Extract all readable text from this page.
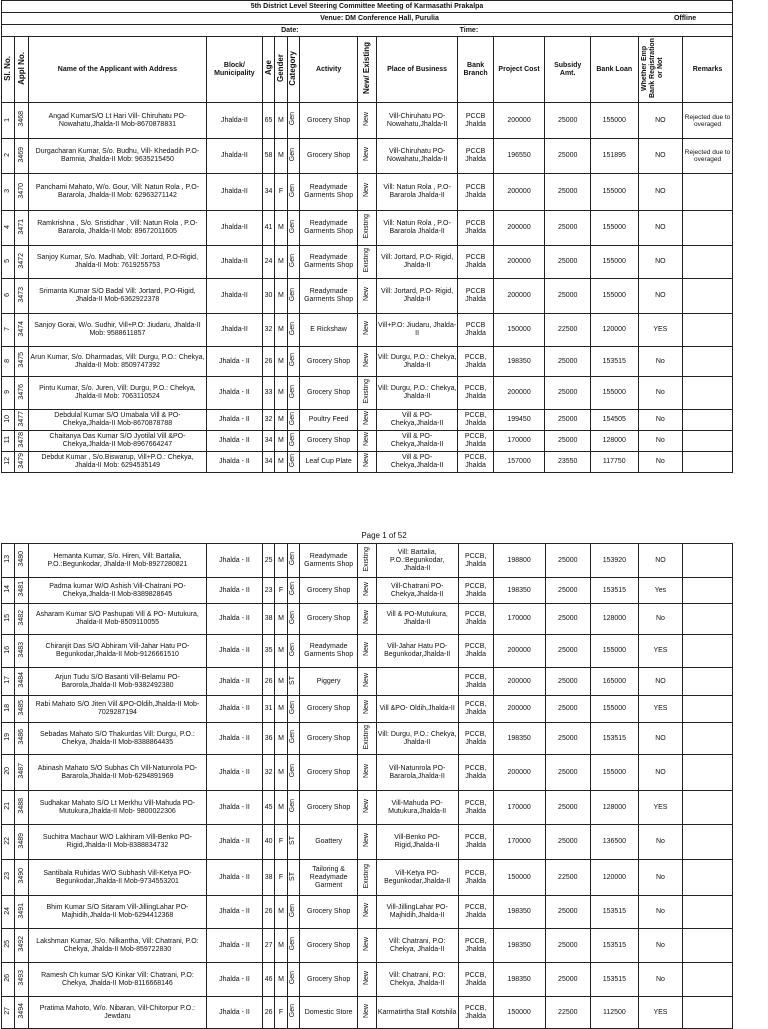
5th District Level Steering Committee Meeting of Karmasathi Prakalpa															
Venue: DM Conference Hall, Purulia														Offline	
Date:							Time:								
Sl. No.	Appl No.	Name of the Applicant with Address	Block/ Municipality	Age	Gender	Category	Activity	New/ Existing	Place of Business	Bank Branch	Project Cost	Subsidy Amt.	Bank Loan	Whether Emp Bank Registration or Not	Remarks
1	3468	Angad KumarS/O Lt Hari Vill- Chiruhatu PO- Nowahatu,Jhalda-II Mob-8670878831	Jhalda-II	65	M	Gen	Grocery Shop	New	Vill-Chiruhatu PO- Nowahatu,Jhalda-II	PCCB Jhalda	200000	25000	155000	NO	Rejected due to overaged
2	3469	Durgacharan Kumar, S/o. Budhu, Vill- Khedadih P.O- Bamnia, Jhalda-II Mob: 9635215450	Jhalda-II	58	M	Gen	Grocery Shop	New	Vill-Chiruhatu PO- Nowahatu,Jhalda-II	PCCB Jhalda	196550	25000	151895	NO	Rejected due to overaged
3	3470	Panchami Mahato, W/o. Gour, Vill: Natun Rola , P.O-Bararola, Jhalda-II Mob: 62963271142	Jhalda-II	34	F	Gen	Readymade Garments Shop	New	Vill: Natun Rola , P.O- Bararola Jhalda-II	PCCB Jhalda	200000	25000	155000	NO	
4	3471	Ramkrishna , S/o. Sristidhar , Vill: Natun Rola , P.O-Bararola, Jhalda-II Mob: 89672011605	Jhalda-II	41	M	Gen	Readymade Garments Shop	Existing	Vill: Natun Rola , P.O- Bararola Jhalda-II	PCCB Jhalda	200000	25000	155000	NO	
5	3472	Sanjoy Kumar, S/o. Madhab, Vill: Jortard, P.O-Rigid, Jhalda-II Mob: 7619255753	Jhalda-II	24	M	Gen	Readymade Garments Shop	Existing	Vill: Jortard, P.O- Rigid, Jhalda-II	PCCB Jhalda	200000	25000	155000	NO	
6	3473	Srimanta Kumar S/O Badal Vill: Jortard, P.O-Rigid, Jhalda-II Mob-6362922378	Jhalda-II	30	M	Gen	Readymade Garments Shop	New	Vill: Jortard, P.O- Rigid, Jhalda-II	PCCB Jhalda	200000	25000	155000	NO	
7	3474	Sanjoy Gorai, W/o. Sudhir, Vill+P.O: Jiudaru, Jhalda-II Mob: 9588611857	Jhalda-II	32	M	Gen	E Rickshaw	New	Vill+P.O: Jiudaru, Jhalda-II	PCCB Jhalda	150000	22500	120000	YES	
8	3475	Arun Kumar, S/o. Dharmadas, Vill: Durgu, P.O.: Chekya, Jhalda-II Mob: 8509747392	Jhalda - II	26	M	Gen	Grocery Shop	New	Vill: Durgu, P.O.: Chekya, Jhalda-II	PCCB, Jhalda	198350	25000	153515	No	
9	3476	Pintu Kumar, S/o. Juren, Vill: Durgu, P.O.: Chekya, Jhalda-II Mob: 7063110524	Jhalda - II	33	M	Gen	Grocery Shop	Existing	Vill: Durgu, P.O.: Chekya, Jhalda-II	PCCB, Jhalda	200000	25000	155000	No	
10	3477	Debdulal Kumar S/O Umabala Vill & PO- Chekya,Jhalda-II Mob-8670878788	Jhalda - II	32	M	Gen	Poultry Feed	New	Vill & PO- Chekya,Jhalda-II	PCCB, Jhalda	199450	25000	154505	No	
11	3478	Chaitanya Das Kumar S/O Jyotilal Vill &PO- Chekya,Jhalda-II Mob-8967664247	Jhalda - II	34	M	Gen	Grocery Shop	New	Vill & PO- Chekya,Jhalda-II	PCCB, Jhalda	170000	25000	128000	No	
12	3479	Debdut Kumar , S/o.Biswarup, Vill+P.O.: Chekya, Jhalda-II Mob: 6294535149	Jhalda - II	34	M	Gen	Leaf Cup Plate	New	Vill & PO- Chekya,Jhalda-II	PCCB, Jhalda	157000	23550	117750	No	
Page 1 of 52
13	3480	Hemanta Kumar, S/o. Hiren, Vill: Bartalia, P.O.:Begunkodar, Jhalda-II Mob-8927280821	Jhalda - II	25	M	Gen	Readymade Garments Shop	Existing	Vill: Bartalia, P.O.:Begunkodar, Jhalda-II	PCCB, Jhalda	198800	25000	153920	NO	
14	3481	Padma kumar W/O Ashish Vill-Chatrani PO- Chekya,Jhalda-II Mob-8389828645	Jhalda - II	23	F	Gen	Grocery Shop	New	Vill-Chatrani PO- Chekya,Jhalda-II	PCCB, Jhalda	198350	25000	153515	Yes	
15	3482	Asharam Kumar S/O Pashupati Vill & PO- Mutukura, Jhalda-II Mob-8509110055	Jhalda - II	38	M	Gen	Grocery Shop	New	Vill & PO-Mutukura, Jhalda-II	PCCB, Jhalda	170000	25000	128000	No	
16	3483	Chiranjit Das S/O Abhiram Vill-Jahar Hatu PO- Begunkodar,Jhalda-II Mob-9126661510	Jhalda - II	35	M	Gen	Readymade Garments Shop	New	Vill-Jahar Hatu PO- Begunkodar,Jhalda-II	PCCB, Jhalda	200000	25000	155000	YES	
17	3484	Arjun Tudu S/O Basanti Vill-Belamu PO- Barorola,Jhalda-II Mob-9382492380	Jhalda - II	26	M	ST	Piggery	New		PCCB, Jhalda	200000	25000	165000	NO	
18	3485	Rabi Mahato S/O Jiten Vill &PO-Oldih,Jhalda-II Mob-7029287194	Jhalda - II	31	M	Gen	Grocery Shop	New	Vill &PO- Oldih,Jhalda-II	PCCB, Jhalda	200000	25000	155000	YES	
19	3486	Sebadas Mahato S/O Thakurdas Vill: Durgu, P.O.: Chekya, Jhalda-II Mob-8388864435	Jhalda - II	36	M	Gen	Grocery Shop	Existing	Vill: Durgu, P.O.: Chekya, Jhalda-II	PCCB, Jhalda	198350	25000	153515	NO	
20	3487	Abinash Mahato S/O Subhas Ch Vill-Natunrola PO-Bararola,Jhalda-II Mob-6294891969	Jhalda - II	32	M	Gen	Grocery Shop	New	Vill-Natunrola PO- Bararola,Jhalda-II	PCCB, Jhalda	200000	25000	155000	NO	
21	3488	Sudhakar Mahato S/O Lt Merkhu Vill-Mahuda PO-Mutukura,Jhalda-II Mob- 9800022306	Jhalda - II	45	M	Gen	Grocery Shop	New	Vill-Mahuda PO- Mutukura,Jhalda-II	PCCB, Jhalda	170000	25000	128000	YES	
22	3489	Suchitra Machaur W/O Lakhiram Vill-Benko PO-Rigid,Jhalda-II Mob-8388834732	Jhalda - II	40	F	ST	Goattery	New	Vill-Benko PO- Rigid,Jhalda-II	PCCB, Jhalda	170000	25000	136500	No	
23	3490	Santibala Ruhidas W/O Subhash Vill-Ketya PO-Begunkodar,Jhalda-II Mob-9734553201	Jhalda - II	38	F	ST	Tailoring & Readymade Garment	Existing	Vill-Ketya PO- Begunkodar,Jhalda-II	PCCB, Jhalda	150000	22500	120000	No	
24	3491	Bhim Kumar S/O Sitaram Vill-JillingLahar PO- Majhidih,Jhalda-II Mob-6294412368	Jhalda - II	26	M	Gen	Grocery Shop	New	Vill-JillingLahar PO- Majhidih,Jhalda-II	PCCB, Jhalda	198350	25000	153515	No	
25	3492	Lakshman Kumar, S/o. Nilkantha, Vill: Chatrani, P.O: Chekya, Jhalda-II Mob-859722830	Jhalda - II	27	M	Gen	Grocery Shop	New	Vill: Chatrani, P.O: Chekya, Jhalda-II	PCCB, Jhalda	198350	25000	153515	No	
26	3493	Ramesh Ch kumar S/O Kinkar Vill: Chatrani, P.O: Chekya, Jhalda-II Mob-8116668146	Jhalda - II	46	M	Gen	Grocery Shop	New	Vill: Chatrani, P.O: Chekya, Jhalda-II	PCCB, Jhalda	198350	25000	153515	No	
27	3494	Pratima Mahoto, W/o. Nibaran, Vill-Chitorpur P.O.: Jewdaru	Jhalda - II	26	F	Gen	Domestic Store	New	Karmatirtha Stall Kotshila	PCCB, Jhalda	150000	22500	112500	YES	
